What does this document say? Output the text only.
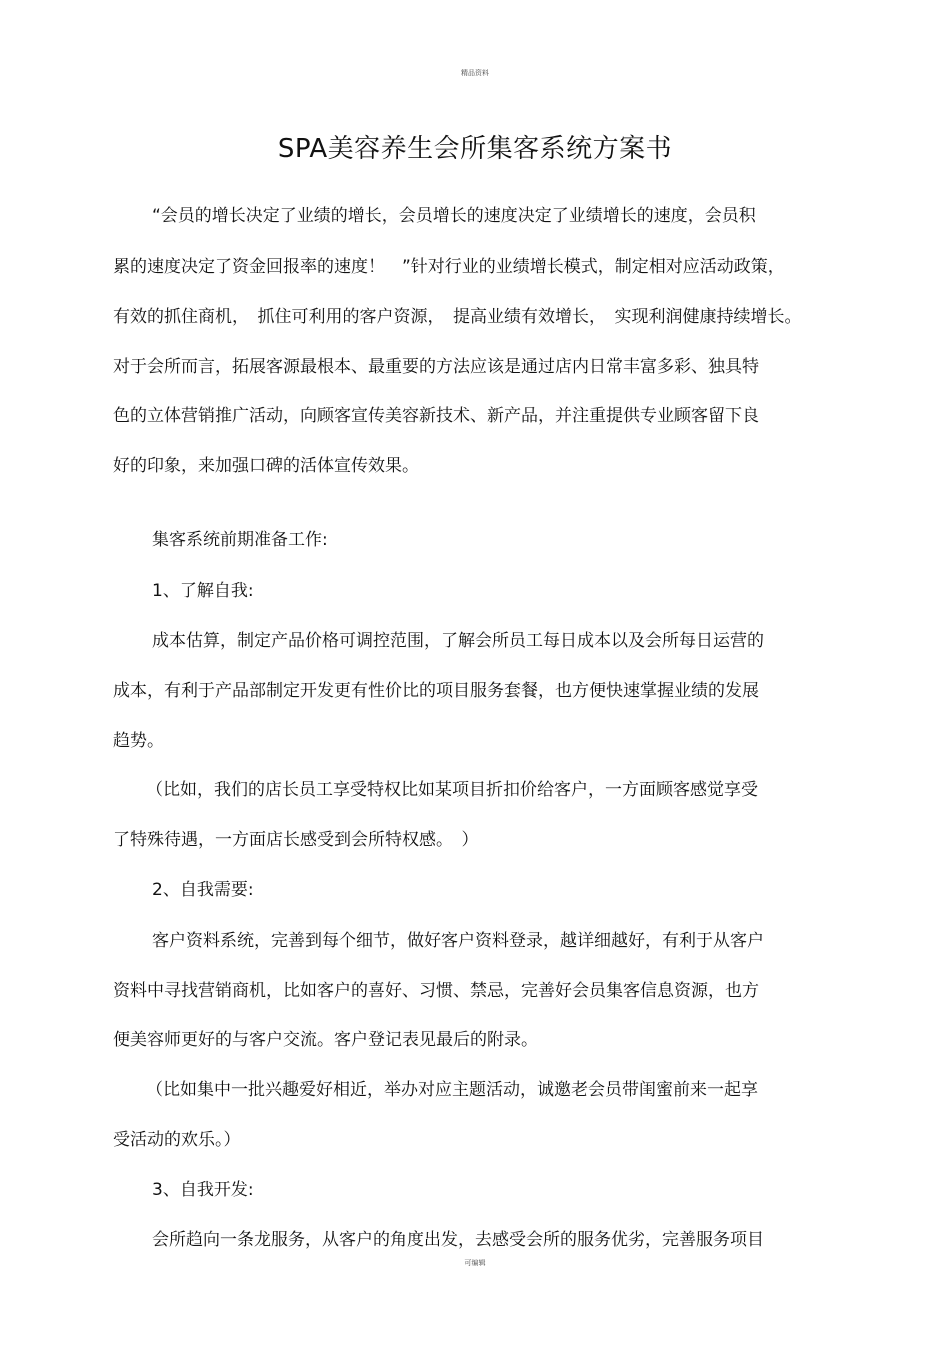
精品资料
SPA美容养生会所集客系统方案书
“会员的增长决定了业绩的增长，会员增长的速度决定了业绩增长的速度，会员积
累的速度决定了资金回报率的速度！　”针对行业的业绩增长模式，制定相对应活动政策，
有效的抓住商机，　抓住可利用的客户资源，　提高业绩有效增长，　实现利润健康持续增长。
对于会所而言，拓展客源最根本、最重要的方法应该是通过店内日常丰富多彩、独具特
色的立体营销推广活动，向顾客宣传美容新技术、新产品，并注重提供专业顾客留下良
好的印象，来加强口碑的活体宣传效果。
集客系统前期准备工作:
1、了解自我:
成本估算，制定产品价格可调控范围，了解会所员工每日成本以及会所每日运营的
成本，有利于产品部制定开发更有性价比的项目服务套餐，也方便快速掌握业绩的发展
趋势。
（比如，我们的店长员工享受特权比如某项目折扣价给客户，一方面顾客感觉享受
了特殊待遇，一方面店长感受到会所特权感。　）
2、自我需要:
客户资料系统，完善到每个细节，做好客户资料登录，越详细越好，有利于从客户
资料中寻找营销商机，比如客户的喜好、习惯、禁忌，完善好会员集客信息资源，也方
便美容师更好的与客户交流。客户登记表见最后的附录。
（比如集中一批兴趣爱好相近，举办对应主题活动，诚邀老会员带闺蜜前来一起享
受活动的欢乐。）
3、自我开发:
会所趋向一条龙服务，从客户的角度出发，去感受会所的服务优劣，完善服务项目
可编辑
